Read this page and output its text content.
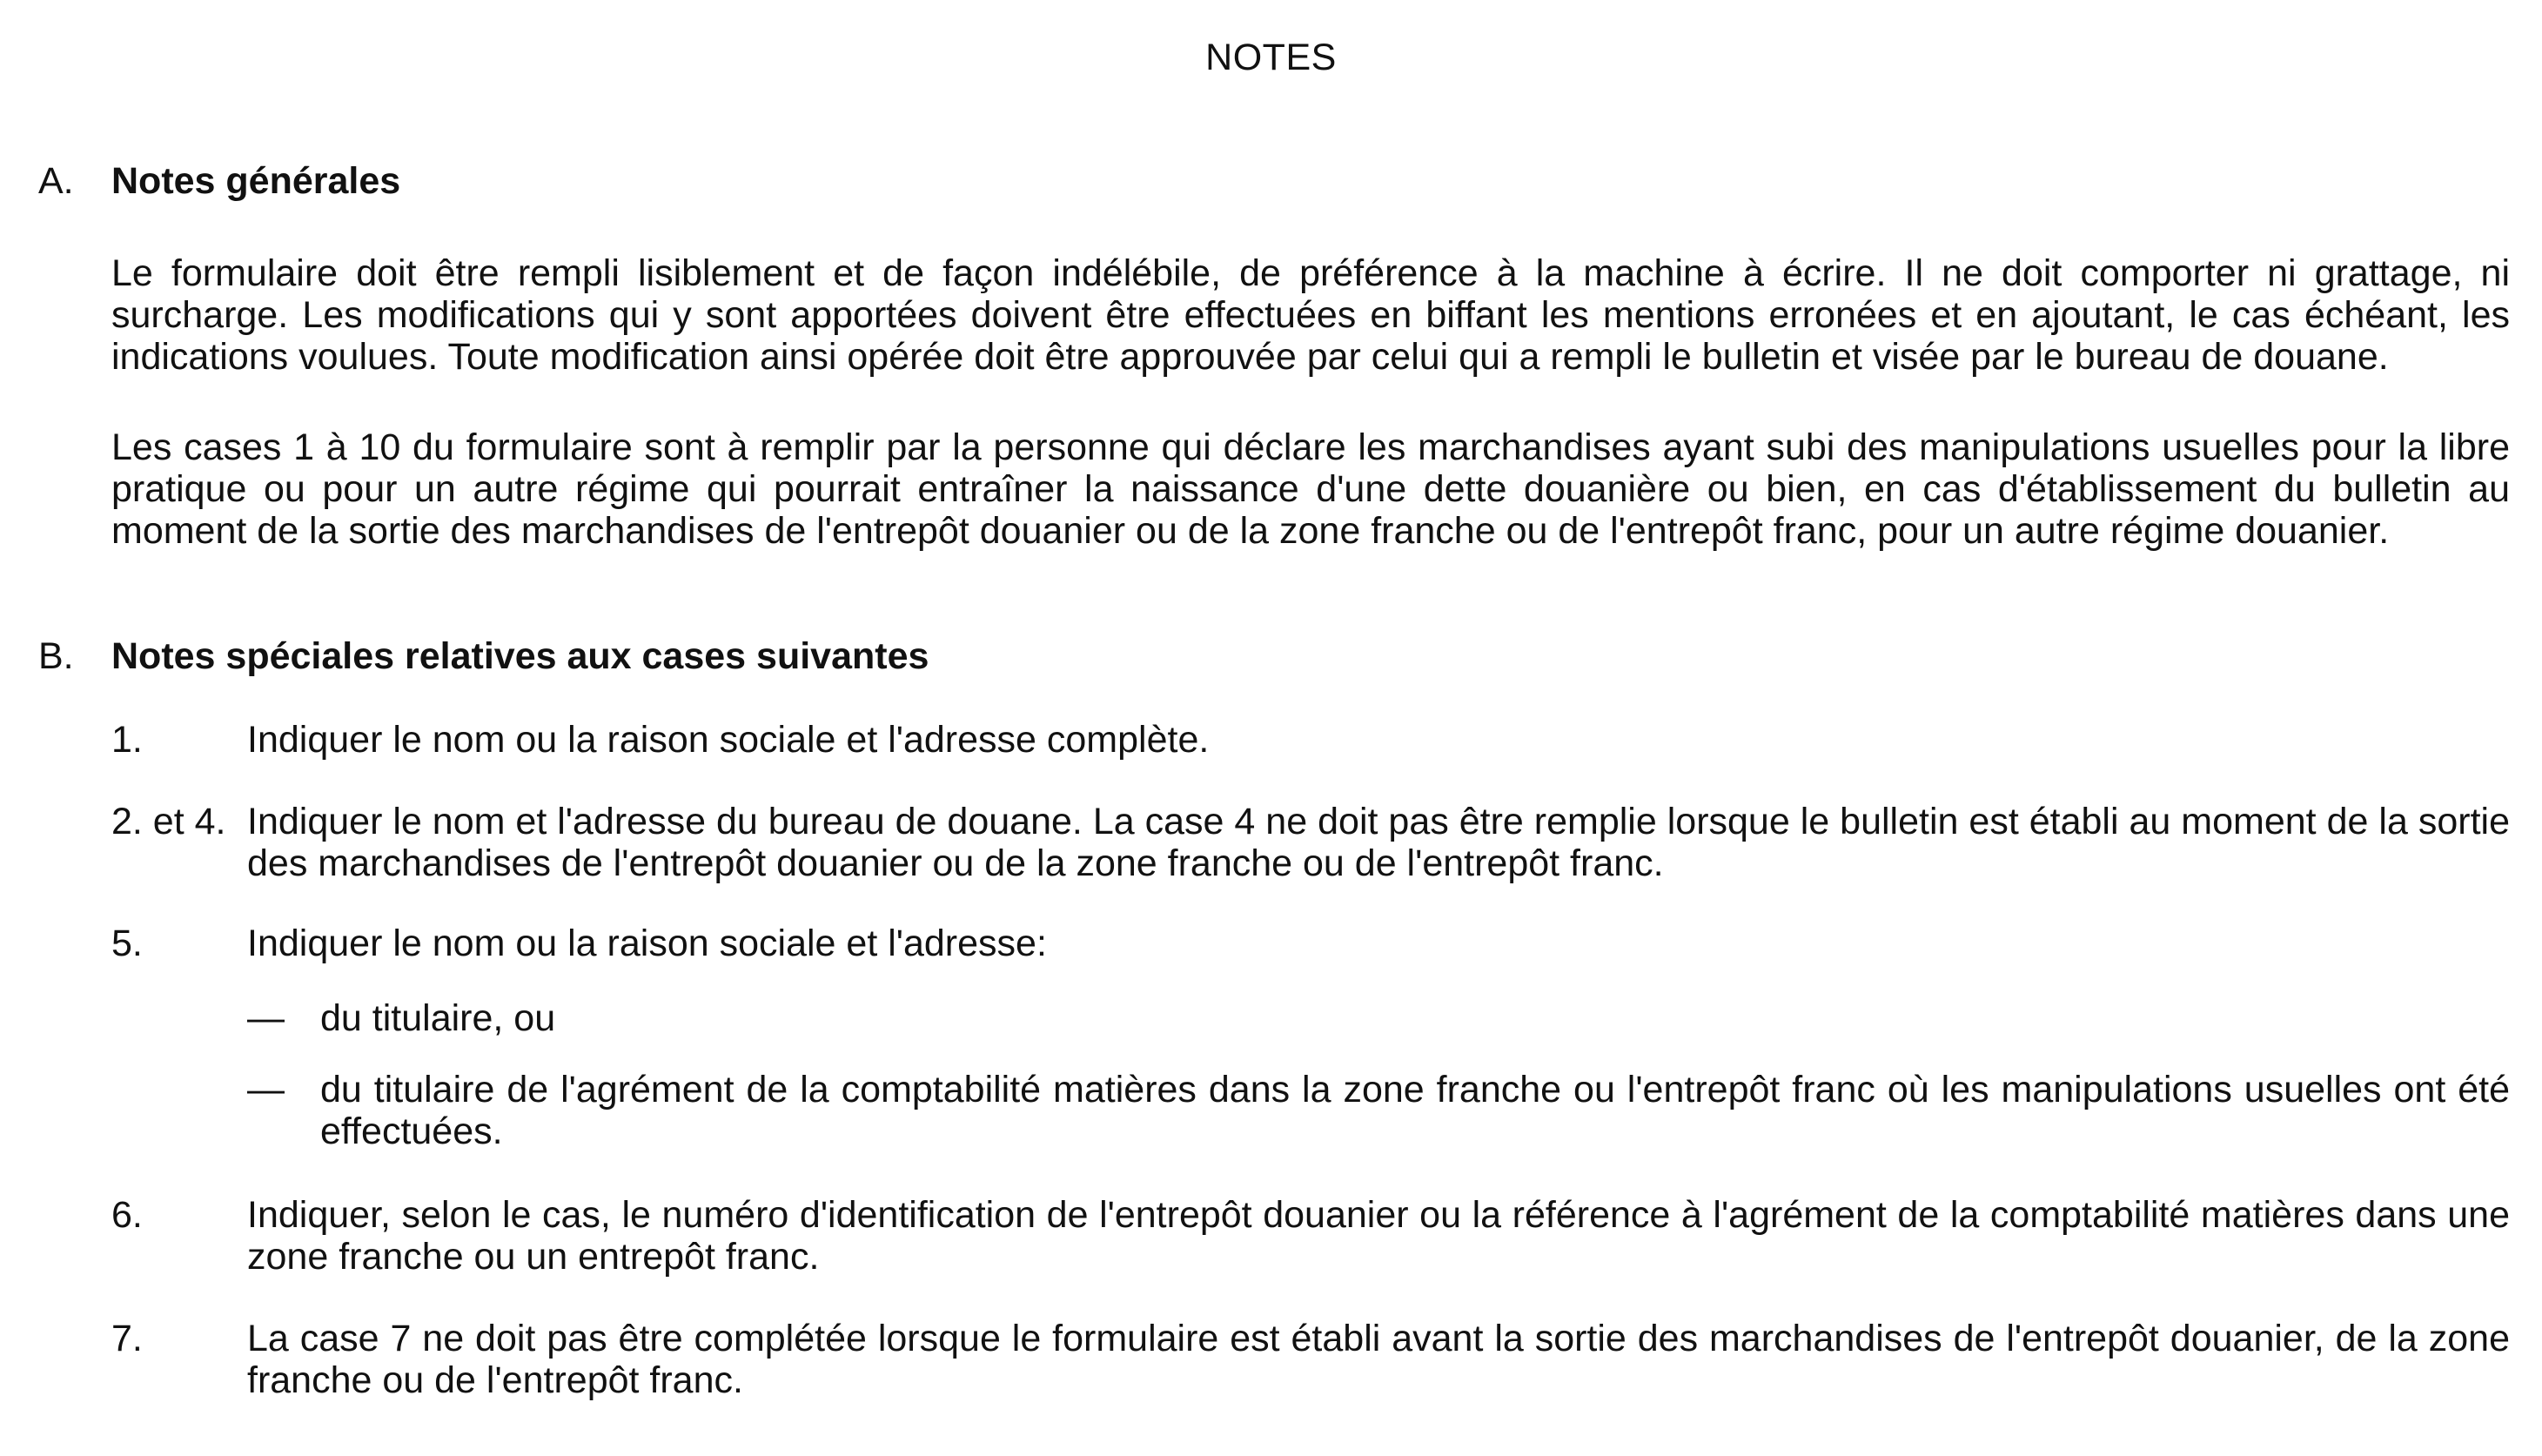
NOTES
A. Notes générales

Le formulaire doit être rempli lisiblement et de façon indélébile, de préférence à la machine à écrire. Il ne doit comporter ni grattage, ni surcharge. Les modifications qui y sont apportées doivent être effectuées en biffant les mentions erronées et en ajoutant, le cas échéant, les indications voulues. Toute modification ainsi opérée doit être approuvée par celui qui a rempli le bulletin et visée par le bureau de douane.

Les cases 1 à 10 du formulaire sont à remplir par la personne qui déclare les marchandises ayant subi des manipulations usuelles pour la libre pratique ou pour un autre régime qui pourrait entraîner la naissance d'une dette douanière ou bien, en cas d'établissement du bulletin au moment de la sortie des marchandises de l'entrepôt douanier ou de la zone franche ou de l'entrepôt franc, pour un autre régime douanier.

B. Notes spéciales relatives aux cases suivantes
1.	Indiquer le nom ou la raison sociale et l'adresse complète.

2. et 4. Indiquer le nom et l'adresse du bureau de douane. La case 4 ne doit pas être remplie lorsque le bulletin est établi au moment de la sortie des marchandises de l'entrepôt douanier ou de la zone franche ou de l'entrepôt franc.

5.	Indiquer le nom ou la raison sociale et l'adresse:

— du titulaire, ou

— du titulaire de l'agrément de la comptabilité matières dans la zone franche ou l'entrepôt franc où les manipulations usuelles ont été effectuées.

6.	Indiquer, selon le cas, le numéro d'identification de l'entrepôt douanier ou la référence à l'agrément de la comptabilité matières dans une zone franche ou un entrepôt franc.

7.	La case 7 ne doit pas être complétée lorsque le formulaire est établi avant la sortie des marchandises de l'entrepôt douanier, de la zone franche ou de l'entrepôt franc.
